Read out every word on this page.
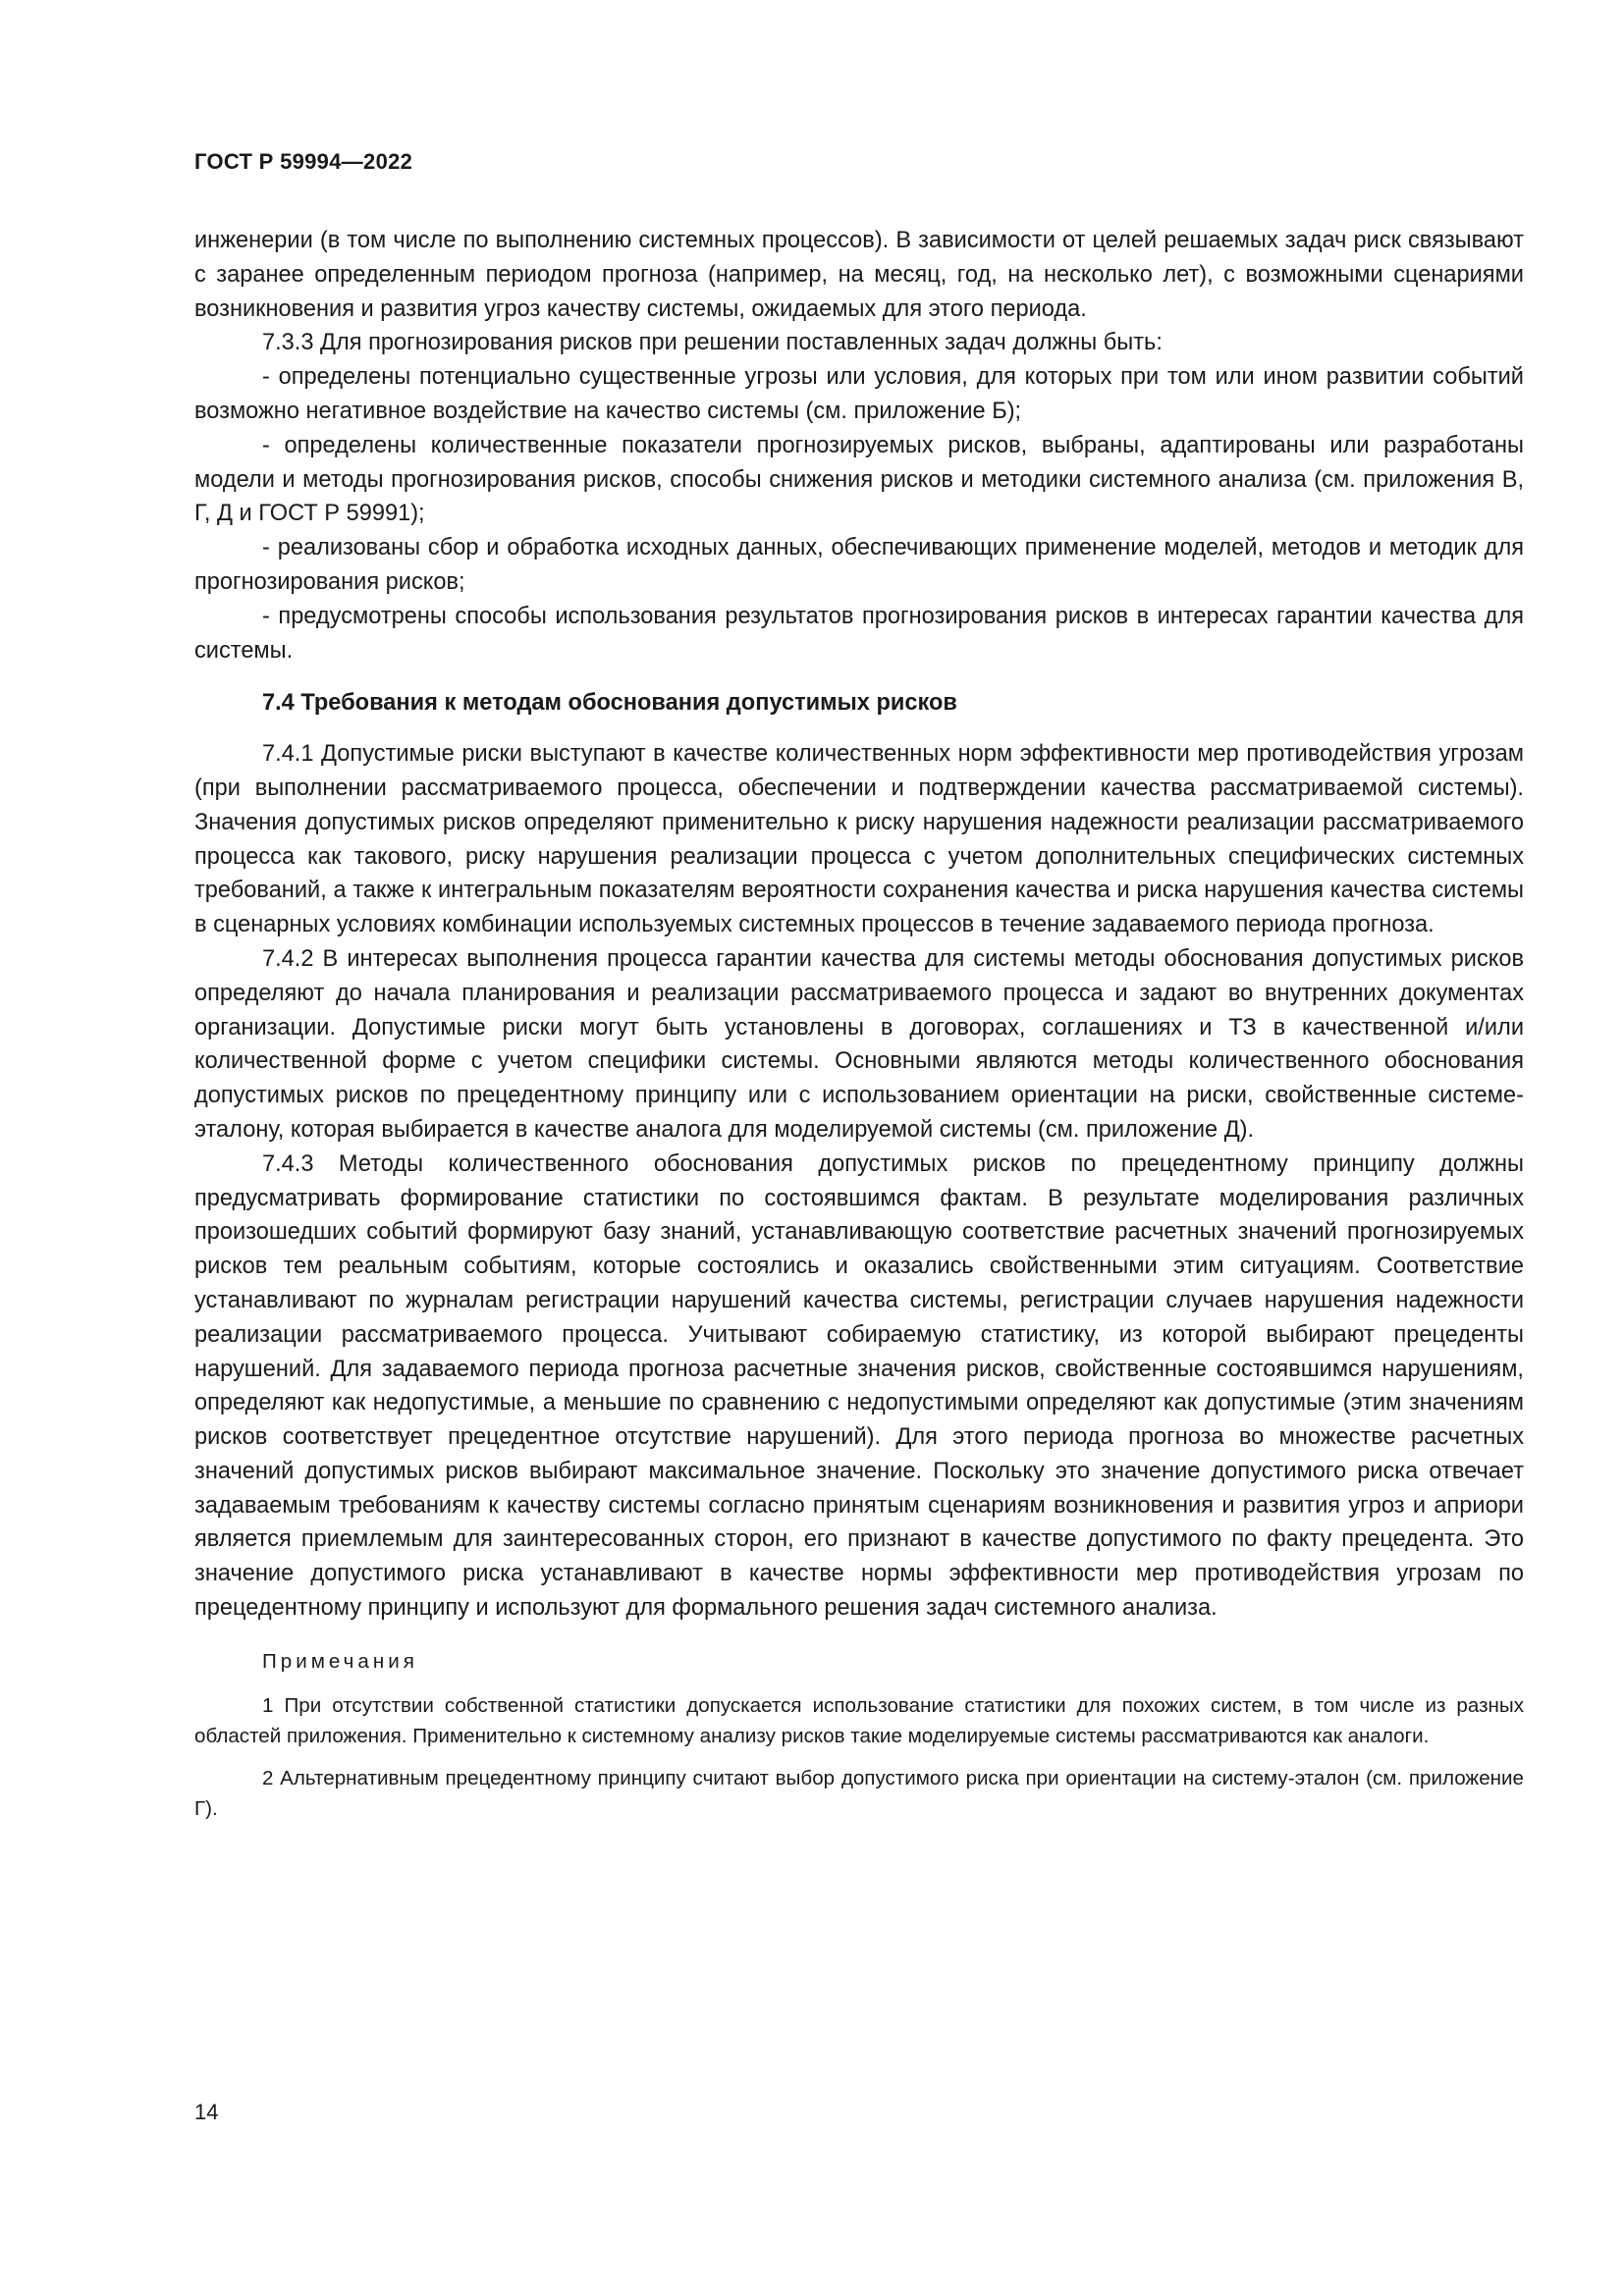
ГОСТ Р 59994—2022

инженерии (в том числе по выполнению системных процессов). В зависимости от целей решаемых задач риск связывают с заранее определенным периодом прогноза (например, на месяц, год, на несколько лет), с возможными сценариями возникновения и развития угроз качеству системы, ожидаемых для этого периода.

7.3.3 Для прогнозирования рисков при решении поставленных задач должны быть:

- определены потенциально существенные угрозы или условия, для которых при том или ином развитии событий возможно негативное воздействие на качество системы (см. приложение Б);

- определены количественные показатели прогнозируемых рисков, выбраны, адаптированы или разработаны модели и методы прогнозирования рисков, способы снижения рисков и методики системного анализа (см. приложения В, Г, Д и ГОСТ Р 59991);

- реализованы сбор и обработка исходных данных, обеспечивающих применение моделей, методов и методик для прогнозирования рисков;

- предусмотрены способы использования результатов прогнозирования рисков в интересах гарантии качества для системы.

7.4 Требования к методам обоснования допустимых рисков

7.4.1 Допустимые риски выступают в качестве количественных норм эффективности мер противодействия угрозам (при выполнении рассматриваемого процесса, обеспечении и подтверждении качества рассматриваемой системы). Значения допустимых рисков определяют применительно к риску нарушения надежности реализации рассматриваемого процесса как такового, риску нарушения реализации процесса с учетом дополнительных специфических системных требований, а также к интегральным показателям вероятности сохранения качества и риска нарушения качества системы в сценарных условиях комбинации используемых системных процессов в течение задаваемого периода прогноза.

7.4.2 В интересах выполнения процесса гарантии качества для системы методы обоснования допустимых рисков определяют до начала планирования и реализации рассматриваемого процесса и задают во внутренних документах организации. Допустимые риски могут быть установлены в договорах, соглашениях и ТЗ в качественной и/или количественной форме с учетом специфики системы. Основными являются методы количественного обоснования допустимых рисков по прецедентному принципу или с использованием ориентации на риски, свойственные системе-эталону, которая выбирается в качестве аналога для моделируемой системы (см. приложение Д).

7.4.3 Методы количественного обоснования допустимых рисков по прецедентному принципу должны предусматривать формирование статистики по состоявшимся фактам. В результате моделирования различных произошедших событий формируют базу знаний, устанавливающую соответствие расчетных значений прогнозируемых рисков тем реальным событиям, которые состоялись и оказались свойственными этим ситуациям. Соответствие устанавливают по журналам регистрации нарушений качества системы, регистрации случаев нарушения надежности реализации рассматриваемого процесса. Учитывают собираемую статистику, из которой выбирают прецеденты нарушений. Для задаваемого периода прогноза расчетные значения рисков, свойственные состоявшимся нарушениям, определяют как недопустимые, а меньшие по сравнению с недопустимыми определяют как допустимые (этим значениям рисков соответствует прецедентное отсутствие нарушений). Для этого периода прогноза во множестве расчетных значений допустимых рисков выбирают максимальное значение. Поскольку это значение допустимого риска отвечает задаваемым требованиям к качеству системы согласно принятым сценариям возникновения и развития угроз и априори является приемлемым для заинтересованных сторон, его признают в качестве допустимого по факту прецедента. Это значение допустимого риска устанавливают в качестве нормы эффективности мер противодействия угрозам по прецедентному принципу и используют для формального решения задач системного анализа.

Примечания

1 При отсутствии собственной статистики допускается использование статистики для похожих систем, в том числе из разных областей приложения. Применительно к системному анализу рисков такие моделируемые системы рассматриваются как аналоги.

2 Альтернативным прецедентному принципу считают выбор допустимого риска при ориентации на систему-эталон (см. приложение Г).

14
